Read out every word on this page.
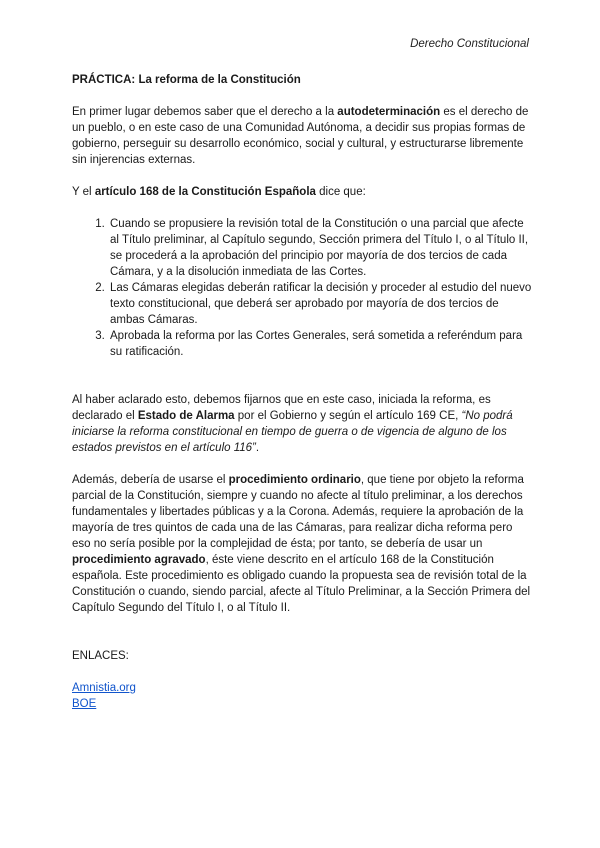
Derecho Constitucional
PRÁCTICA: La reforma de la Constitución

En primer lugar debemos saber que el derecho a la autodeterminación es el derecho de un pueblo, o en este caso de una Comunidad Autónoma, a decidir sus propias formas de gobierno, perseguir su desarrollo económico, social y cultural, y estructurarse libremente sin injerencias externas.

Y el artículo 168 de la Constitución Española dice que:

1. Cuando se propusiere la revisión total de la Constitución o una parcial que afecte al Título preliminar, al Capítulo segundo, Sección primera del Título I, o al Título II, se procederá a la aprobación del principio por mayoría de dos tercios de cada Cámara, y a la disolución inmediata de las Cortes.
2. Las Cámaras elegidas deberán ratificar la decisión y proceder al estudio del nuevo texto constitucional, que deberá ser aprobado por mayoría de dos tercios de ambas Cámaras.
3. Aprobada la reforma por las Cortes Generales, será sometida a referéndum para su ratificación.

Al haber aclarado esto, debemos fijarnos que en este caso, iniciada la reforma, es declarado el Estado de Alarma por el Gobierno y según el artículo 169 CE, “No podrá iniciarse la reforma constitucional en tiempo de guerra o de vigencia de alguno de los estados previstos en el artículo 116”.

Además, debería de usarse el procedimiento ordinario, que tiene por objeto la reforma parcial de la Constitución, siempre y cuando no afecte al título preliminar, a los derechos fundamentales y libertades públicas y a la Corona. Además, requiere la aprobación de la mayoría de tres quintos de cada una de las Cámaras, para realizar dicha reforma pero eso no sería posible por la complejidad de ésta; por tanto, se debería de usar un procedimiento agravado, éste viene descrito en el artículo 168 de la Constitución española. Este procedimiento es obligado cuando la propuesta sea de revisión total de la Constitución o cuando, siendo parcial, afecte al Título Preliminar, a la Sección Primera del Capítulo Segundo del Título I, o al Título II.

ENLACES:

Amnistia.org
BOE
